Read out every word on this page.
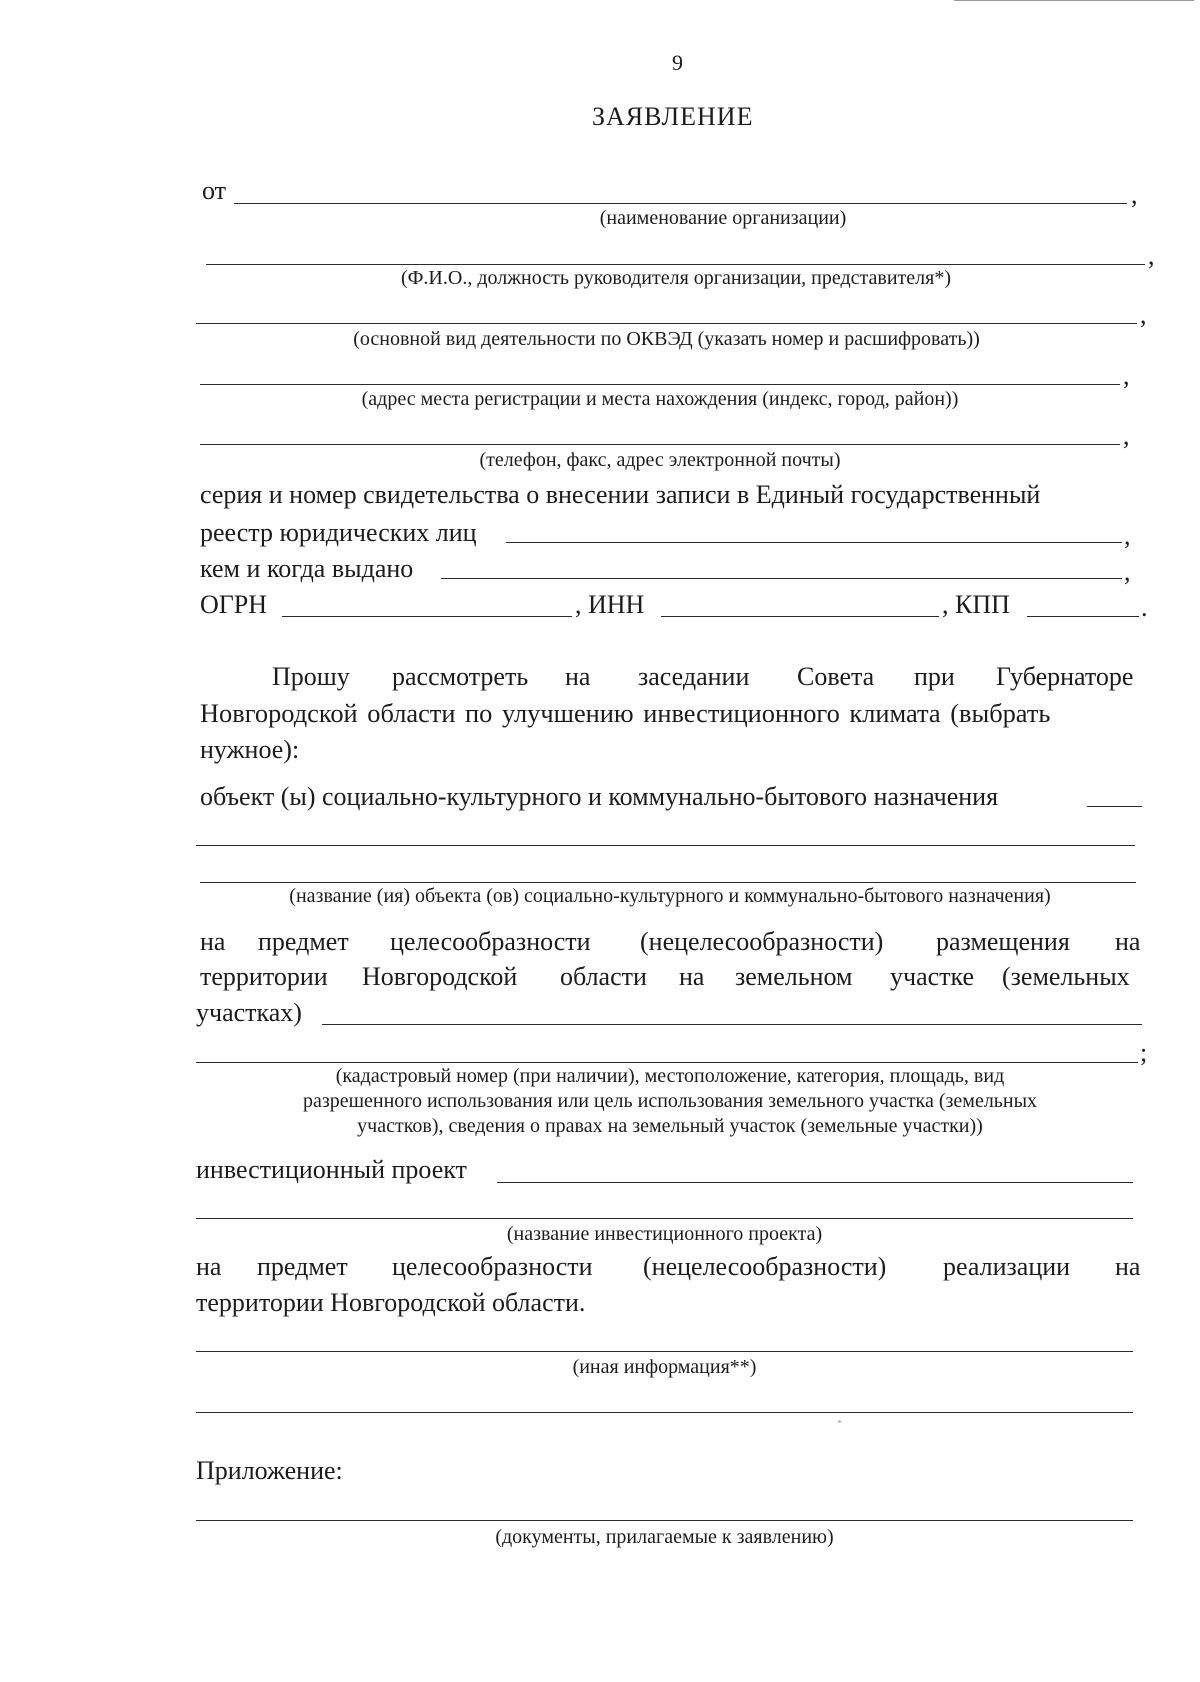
9
ЗАЯВЛЕНИЕ
от	,
(наименование организации)
,
(Ф.И.О., должность руководителя организации, представителя*)
,
(основной вид деятельности по ОКВЭД (указать номер и расшифровать))
,
(адрес места регистрации и места нахождения (индекс, город, район))
,
(телефон, факс, адрес электронной почты)
серия и номер свидетельства о внесении записи в Единый государственный
реестр юридических лиц	,
кем и когда выдано	,
ОГРН	, ИНН	, КПП	.
Прошу рассмотреть на заседании Совета при Губернаторе
Новгородской области по улучшению инвестиционного климата (выбрать
нужное):
объект (ы) социально-культурного и коммунально-бытового назначения
(название (ия) объекта (ов) социально-культурного и коммунально-бытового назначения)
на предмет целесообразности (нецелесообразности) размещения на
территории Новгородской области на земельном участке (земельных
участках)
;
(кадастровый номер (при наличии), местоположение, категория, площадь, вид
разрешенного использования или цель использования земельного участка (земельных
участков), сведения о правах на земельный участок (земельные участки))
инвестиционный проект
(название инвестиционного проекта)
на предмет целесообразности (нецелесообразности) реализации на
территории Новгородской области.
(иная информация**)
Приложение:
(документы, прилагаемые к заявлению)
